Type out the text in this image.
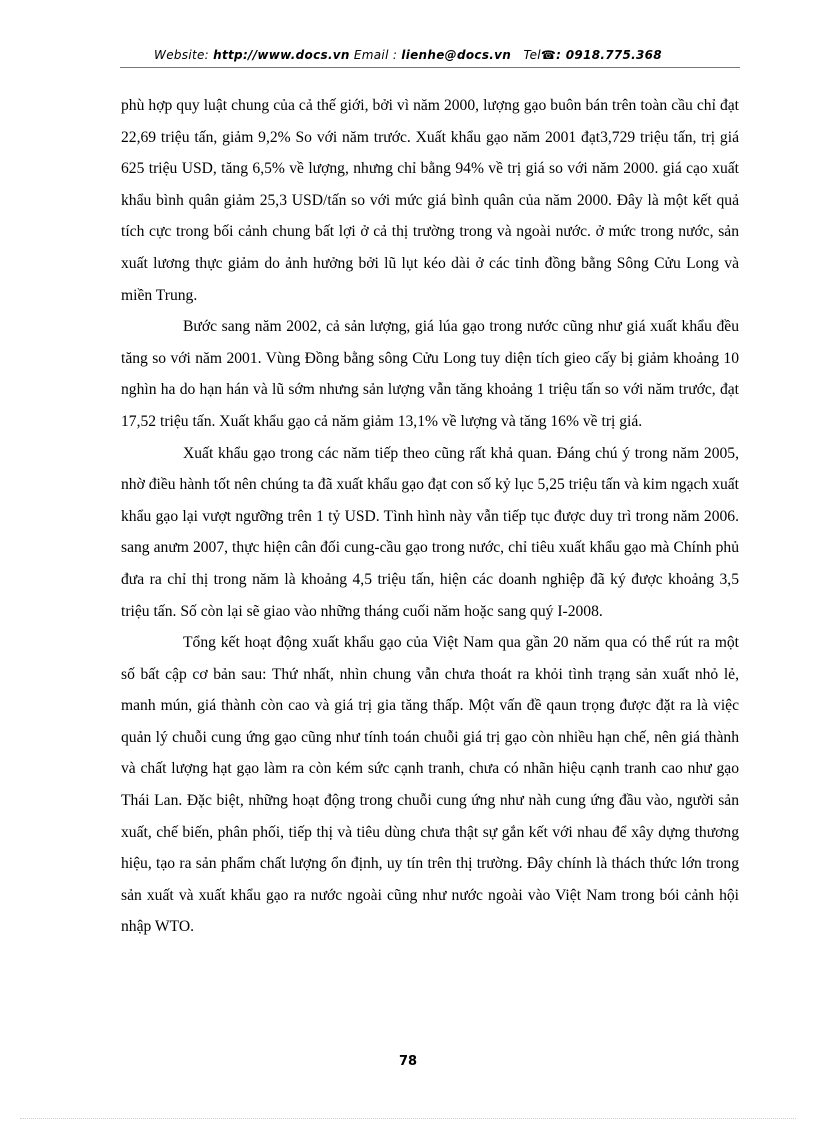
Website: http://www.docs.vn Email : lienhe@docs.vn Tel☎: 0918.775.368

phù hợp quy luật chung của cả thế giới, bởi vì năm 2000, lượng gạo buôn bán trên toàn cầu chỉ đạt 22,69 triệu tấn, giảm 9,2% So với năm trước. Xuất khẩu gạo năm 2001 đạt3,729 triệu tấn, trị giá 625 triệu USD, tăng 6,5% về lượng, nhưng chỉ bằng 94% về trị giá so với năm 2000. giá cạo xuất khẩu bình quân giảm 25,3 USD/tấn so với mức giá bình quân của năm 2000. Đây là một kết quả tích cực trong bối cảnh chung bất lợi ở cả thị trường trong và ngoài nước. ở mức trong nước, sản xuất lương thực giảm do ảnh hưởng bởi lũ lụt kéo dài ở các tỉnh đồng bằng Sông Cửu Long và miền Trung.

Bước sang năm 2002, cả sản lượng, giá lúa gạo trong nước cũng như giá xuất khẩu đều tăng so với năm 2001. Vùng Đồng bằng sông Cửu Long tuy diện tích gieo cấy bị giảm khoảng 10 nghìn ha do hạn hán và lũ sớm nhưng sản lượng vẫn tăng khoảng 1 triệu tấn so với năm trước, đạt 17,52 triệu tấn. Xuất khẩu gạo cả năm giảm 13,1% về lượng và tăng 16% về trị giá.

Xuất khẩu gạo trong các năm tiếp theo cũng rất khả quan. Đáng chú ý trong năm 2005, nhờ điều hành tốt nên chúng ta đã xuất khẩu gạo đạt con số kỷ lục 5,25 triệu tấn và kim ngạch xuất khẩu gạo lại vượt ngưỡng trên 1 tỷ USD. Tình hình này vẫn tiếp tục được duy trì trong năm 2006. sang anưm 2007, thực hiện cân đối cung-cầu gạo trong nước, chỉ tiêu xuất khẩu gạo mà Chính phủ đưa ra chỉ thị trong năm là khoảng 4,5 triệu tấn, hiện các doanh nghiệp đã ký được khoảng 3,5 triệu tấn. Số còn lại sẽ giao vào những tháng cuối năm hoặc sang quý I-2008.

Tổng kết hoạt động xuất khẩu gạo của Việt Nam qua gần 20 năm qua có thể rút ra một số bất cập cơ bản sau: Thứ nhất, nhìn chung vẫn chưa thoát ra khỏi tình trạng sản xuất nhỏ lẻ, manh mún, giá thành còn cao và giá trị gia tăng thấp. Một vấn đề qaun trọng được đặt ra là việc quản lý chuỗi cung ứng gạo cũng như tính toán chuỗi giá trị gạo còn nhiều hạn chế, nên giá thành và chất lượng hạt gạo làm ra còn kém sức cạnh tranh, chưa có nhãn hiệu cạnh tranh cao như gạo Thái Lan. Đặc biệt, những hoạt động trong chuỗi cung ứng như nàh cung ứng đầu vào, người sản xuất, chế biến, phân phối, tiếp thị và tiêu dùng chưa thật sự gắn kết với nhau để xây dựng thương hiệu, tạo ra sản phẩm chất lượng ổn định, uy tín trên thị trường. Đây chính là thách thức lớn trong sản xuất và xuất khẩu gạo ra nước ngoài cũng như nước ngoài vào Việt Nam trong bói cảnh hội nhập WTO.

78
